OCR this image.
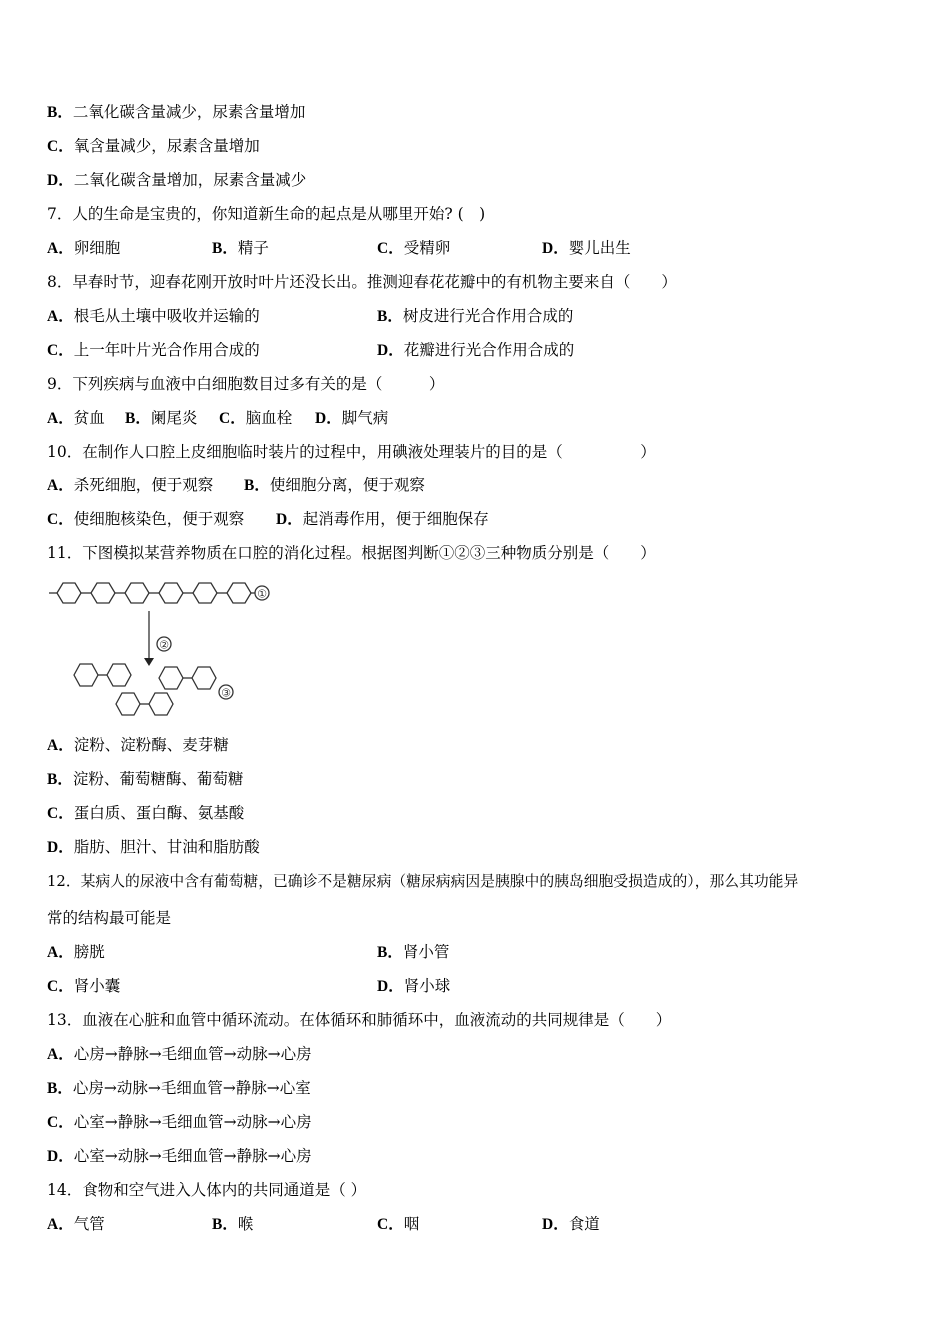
B．二氧化碳含量减少，尿素含量增加
C．氧含量减少，尿素含量增加
D．二氧化碳含量增加，尿素含量减少
7．人的生命是宝贵的，你知道新生命的起点是从哪里开始? (　)
A．卵细胞	B．精子	C．受精卵	D．婴儿出生
8．早春时节，迎春花刚开放时叶片还没长出。推测迎春花花瓣中的有机物主要来自（　　）
A．根毛从土壤中吸收并运输的	B．树皮进行光合作用合成的
C．上一年叶片光合作用合成的	D．花瓣进行光合作用合成的
9．下列疾病与血液中白细胞数目过多有关的是（　　　）
A．贫血 B．阑尾炎 C．脑血栓 D．脚气病
10．在制作人口腔上皮细胞临时装片的过程中，用碘液处理装片的目的是（　　　　　）
A．杀死细胞，便于观察 B．使细胞分离，便于观察
C．使细胞核染色，便于观察 D．起消毒作用，便于细胞保存
11．下图模拟某营养物质在口腔的消化过程。根据图判断①②③三种物质分别是（　　）
①
②
③
A．淀粉、淀粉酶、麦芽糖
B．淀粉、葡萄糖酶、葡萄糖
C．蛋白质、蛋白酶、氨基酸
D．脂肪、胆汁、甘油和脂肪酸
12．某病人的尿液中含有葡萄糖，已确诊不是糖尿病（糖尿病病因是胰腺中的胰岛细胞受损造成的），那么其功能异
常的结构最可能是
A．膀胱	B．肾小管
C．肾小囊	D．肾小球
13．血液在心脏和血管中循环流动。在体循环和肺循环中，血液流动的共同规律是（　　）
A．心房→静脉→毛细血管→动脉→心房
B．心房→动脉→毛细血管→静脉→心室
C．心室→静脉→毛细血管→动脉→心房
D．心室→动脉→毛细血管→静脉→心房
14．食物和空气进入人体内的共同通道是（ ）
A．气管	B．喉	C．咽	D．食道
